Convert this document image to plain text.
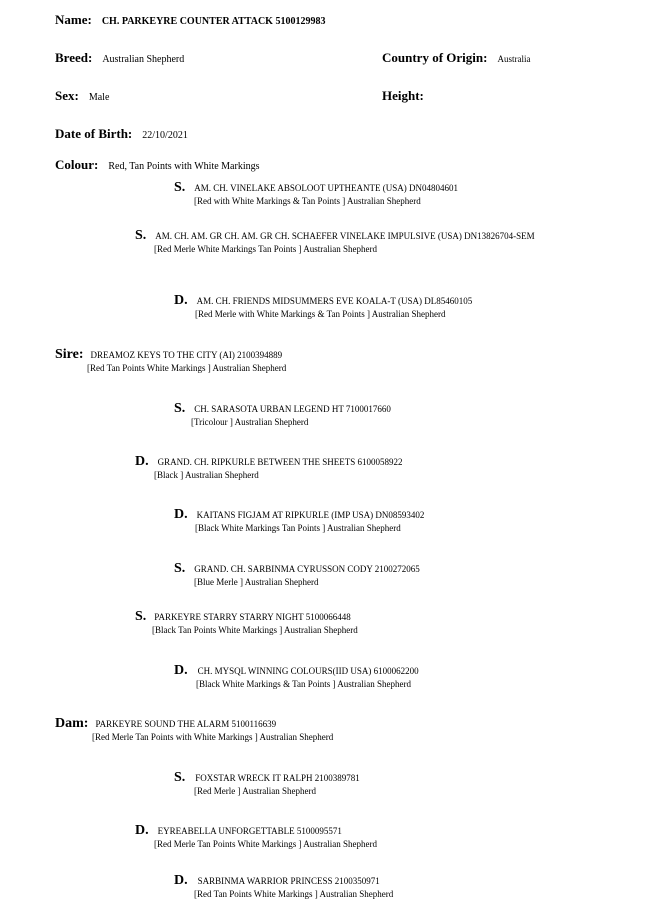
Name: CH. PARKEYRE COUNTER ATTACK 5100129983
Breed: Australian Shepherd	Country of Origin: Australia
Sex: Male	Height:
Date of Birth: 22/10/2021
Colour: Red, Tan Points with White Markings
S. AM. CH. VINELAKE ABSOLOOT UPTHEANTE (USA) DN04804601
[Red with White Markings & Tan Points ] Australian Shepherd
S. AM. CH. AM. GR CH. AM. GR CH. SCHAEFER VINELAKE IMPULSIVE (USA) DN13826704-SEM
[Red Merle White Markings Tan Points ] Australian Shepherd
D. AM. CH. FRIENDS MIDSUMMERS EVE KOALA-T (USA) DL85460105
[Red Merle with White Markings & Tan Points ] Australian Shepherd
Sire: DREAMOZ KEYS TO THE CITY (AI) 2100394889
[Red Tan Points White Markings ] Australian Shepherd
S. CH. SARASOTA URBAN LEGEND HT 7100017660
[Tricolour ] Australian Shepherd
D. GRAND. CH. RIPKURLE BETWEEN THE SHEETS 6100058922
[Black ] Australian Shepherd
D. KAITANS FIGJAM AT RIPKURLE (IMP USA) DN08593402
[Black White Markings Tan Points ] Australian Shepherd
S. GRAND. CH. SARBINMA CYRUSSON CODY 2100272065
[Blue Merle ] Australian Shepherd
S. PARKEYRE STARRY STARRY NIGHT 5100066448
[Black Tan Points White Markings ] Australian Shepherd
D. CH. MYSQL WINNING COLOURS(IID USA) 6100062200
[Black White Markings & Tan Points ] Australian Shepherd
Dam: PARKEYRE SOUND THE ALARM 5100116639
[Red Merle Tan Points with White Markings ] Australian Shepherd
S. FOXSTAR WRECK IT RALPH 2100389781
[Red Merle ] Australian Shepherd
D. EYREABELLA UNFORGETTABLE 5100095571
[Red Merle Tan Points White Markings ] Australian Shepherd
D. SARBINMA WARRIOR PRINCESS 2100350971
[Red Tan Points White Markings ] Australian Shepherd
